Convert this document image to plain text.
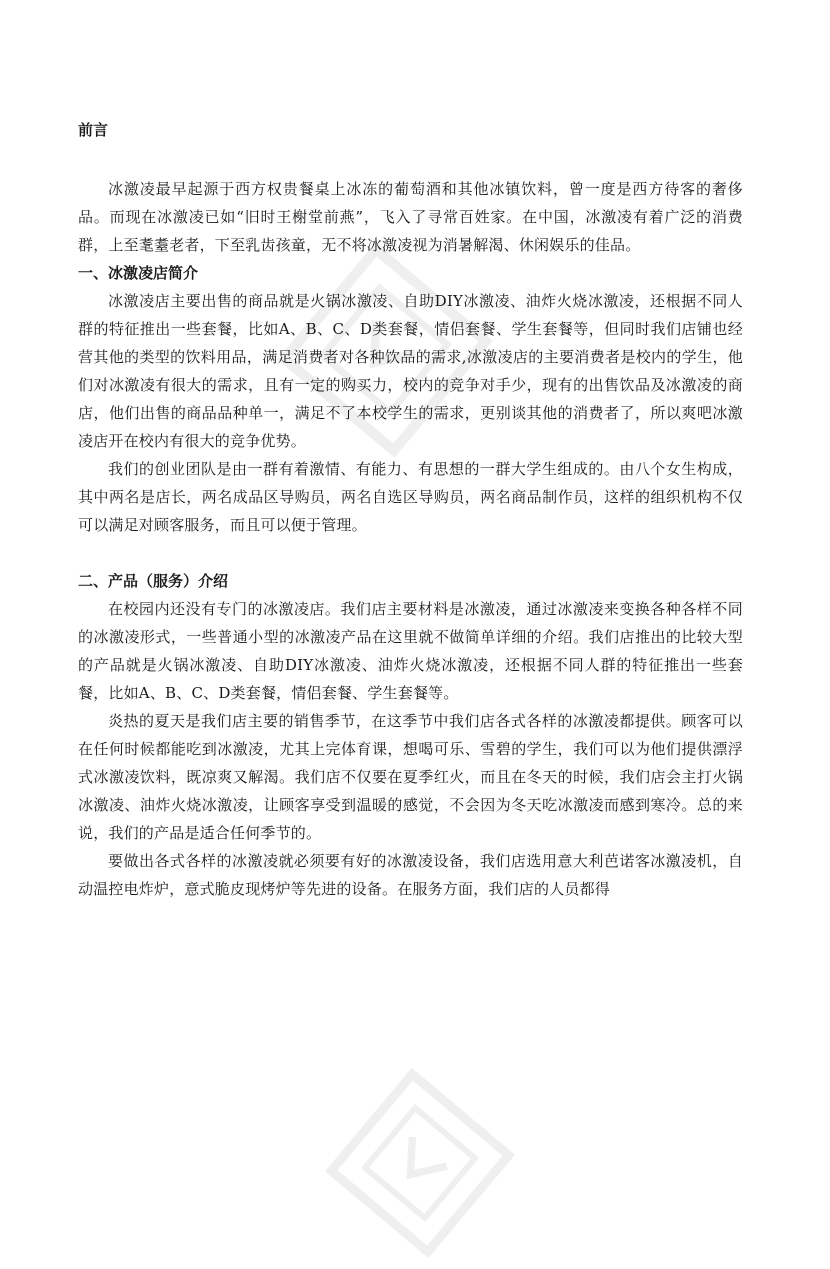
前言

冰激凌最早起源于西方权贵餐桌上冰冻的葡萄酒和其他冰镇饮料，曾一度是西方待客的奢侈品。而现在冰激凌已如“旧时王榭堂前燕”，飞入了寻常百姓家。在中国，冰激凌有着广泛的消费群，上至耄耋老者，下至乳齿孩童，无不将冰激凌视为消暑解渴、休闲娱乐的佳品。

一、冰激凌店简介

冰激凌店主要出售的商品就是火锅冰激凌、自助DIY冰激凌、油炸火烧冰激凌，还根据不同人群的特征推出一些套餐，比如A、B、C、D类套餐，情侣套餐、学生套餐等，但同时我们店铺也经营其他的类型的饮料用品，满足消费者对各种饮品的需求,冰激凌店的主要消费者是校内的学生，他们对冰激凌有很大的需求，且有一定的购买力，校内的竞争对手少，现有的出售饮品及冰激凌的商店，他们出售的商品品种单一，满足不了本校学生的需求，更别谈其他的消费者了，所以爽吧冰激凌店开在校内有很大的竞争优势。

我们的创业团队是由一群有着激情、有能力、有思想的一群大学生组成的。由八个女生构成，其中两名是店长，两名成品区导购员，两名自选区导购员，两名商品制作员，这样的组织机构不仅可以满足对顾客服务，而且可以便于管理。

二、产品（服务）介绍

在校园内还没有专门的冰激凌店。我们店主要材料是冰激凌，通过冰激凌来变换各种各样不同的冰激凌形式，一些普通小型的冰激凌产品在这里就不做简单详细的介绍。我们店推出的比较大型的产品就是火锅冰激凌、自助DIY冰激凌、油炸火烧冰激凌，还根据不同人群的特征推出一些套餐，比如A、B、C、D类套餐，情侣套餐、学生套餐等。

炎热的夏天是我们店主要的销售季节，在这季节中我们店各式各样的冰激凌都提供。顾客可以在任何时候都能吃到冰激凌，尤其上完体育课，想喝可乐、雪碧的学生，我们可以为他们提供漂浮式冰激凌饮料，既凉爽又解渴。我们店不仅要在夏季红火，而且在冬天的时候，我们店会主打火锅冰激凌、油炸火烧冰激凌，让顾客享受到温暖的感觉，不会因为冬天吃冰激凌而感到寒冷。总的来说，我们的产品是适合任何季节的。

要做出各式各样的冰激凌就必须要有好的冰激凌设备，我们店选用意大利芭诺客冰激凌机，自动温控电炸炉，意式脆皮现烤炉等先进的设备。在服务方面，我们店的人员都得
